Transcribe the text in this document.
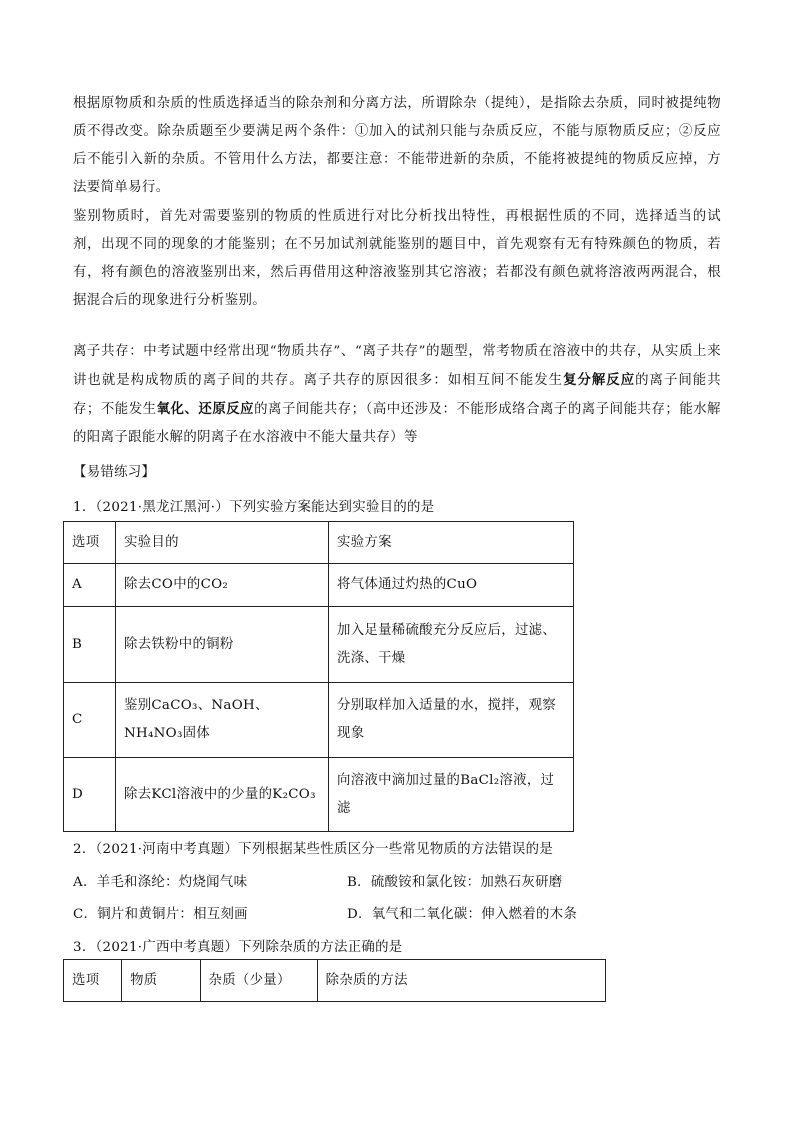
根据原物质和杂质的性质选择适当的除杂剂和分离方法，所谓除杂（提纯），是指除去杂质，同时被提纯物质不得改变。除杂质题至少要满足两个条件：①加入的试剂只能与杂质反应，不能与原物质反应；②反应后不能引入新的杂质。不管用什么方法，都要注意：不能带进新的杂质，不能将被提纯的物质反应掉，方法要简单易行。
鉴别物质时，首先对需要鉴别的物质的性质进行对比分析找出特性，再根据性质的不同，选择适当的试剂，出现不同的现象的才能鉴别；在不另加试剂就能鉴别的题目中，首先观察有无有特殊颜色的物质，若有，将有颜色的溶液鉴别出来，然后再借用这种溶液鉴别其它溶液；若都没有颜色就将溶液两两混合，根据混合后的现象进行分析鉴别。
离子共存：中考试题中经常出现“物质共存”、“离子共存”的题型，常考物质在溶液中的共存，从实质上来讲也就是构成物质的离子间的共存。离子共存的原因很多：如相互间不能发生复分解反应的离子间能共存；不能发生氧化、还原反应的离子间能共存；（高中还涉及：不能形成络合离子的离子间能共存；能水解的阳离子跟能水解的阴离子在水溶液中不能大量共存）等
【易错练习】
1．（2021·黑龙江黑河·）下列实验方案能达到实验目的的是
选项	实验目的	实验方案
A	除去CO中的CO₂	将气体通过灼热的CuO
B	除去铁粉中的铜粉	加入足量稀硫酸充分反应后，过滤、洗涤、干燥
C	鉴别CaCO₃、NaOH、NH₄NO₃固体	分别取样加入适量的水，搅拌，观察现象
D	除去KCl溶液中的少量的K₂CO₃	向溶液中滴加过量的BaCl₂溶液，过滤
2．（2021·河南中考真题）下列根据某些性质区分一些常见物质的方法错误的是
A．羊毛和涤纶：灼烧闻气味	B．硫酸铵和氯化铵：加熟石灰研磨
C．铜片和黄铜片：相互刻画	D．氧气和二氧化碳：伸入燃着的木条
3．（2021·广西中考真题）下列除杂质的方法正确的是
选项	物质	杂质（少量）	除杂质的方法
